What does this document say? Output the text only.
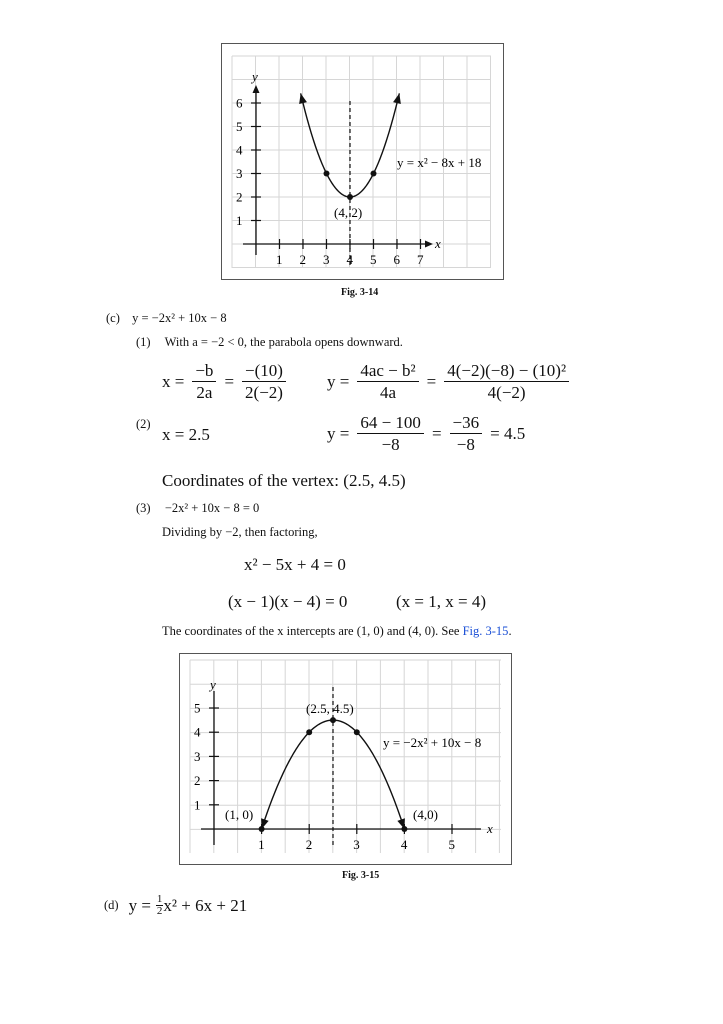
y
x
1
2
3
4
5
6
1 2 3 4 5 6 7
y = x² − 8x + 18
(4, 2)
Fig. 3-14
(c) y = −2x² + 10x − 8
(1) With a = −2 < 0, the parabola opens downward.
$x = \frac{-b}{2a} = \frac{-(10)}{2(-2)}$ $y = \frac{\text{4ac − b²}}{4a} = \frac{\text{4(−2)(−8) − (10)²}}{4(-2)}$
(2)
x = 2.5	$y = \frac{64 - 100}{-8} = \frac{-36}{-8} = 4.5$
Coordinates of the vertex: (2.5, 4.5)
(3) −2x² + 10x − 8 = 0
Dividing by −2, then factoring,
x² − 5x + 4 = 0
(x − 1)(x − 4) = 0	(x = 1, x = 4)
The coordinates of the x intercepts are (1, 0) and (4, 0). See Fig. 3-15.
y
x
1
2
3
4
5
1	2	3	4	5
y = −2x² + 10x − 8
(2.5, 4.5)
(1, 0)	(4,0)
Fig. 3-15
(d) $y = \frac{1}{2} x^2 + 6x + 21$
